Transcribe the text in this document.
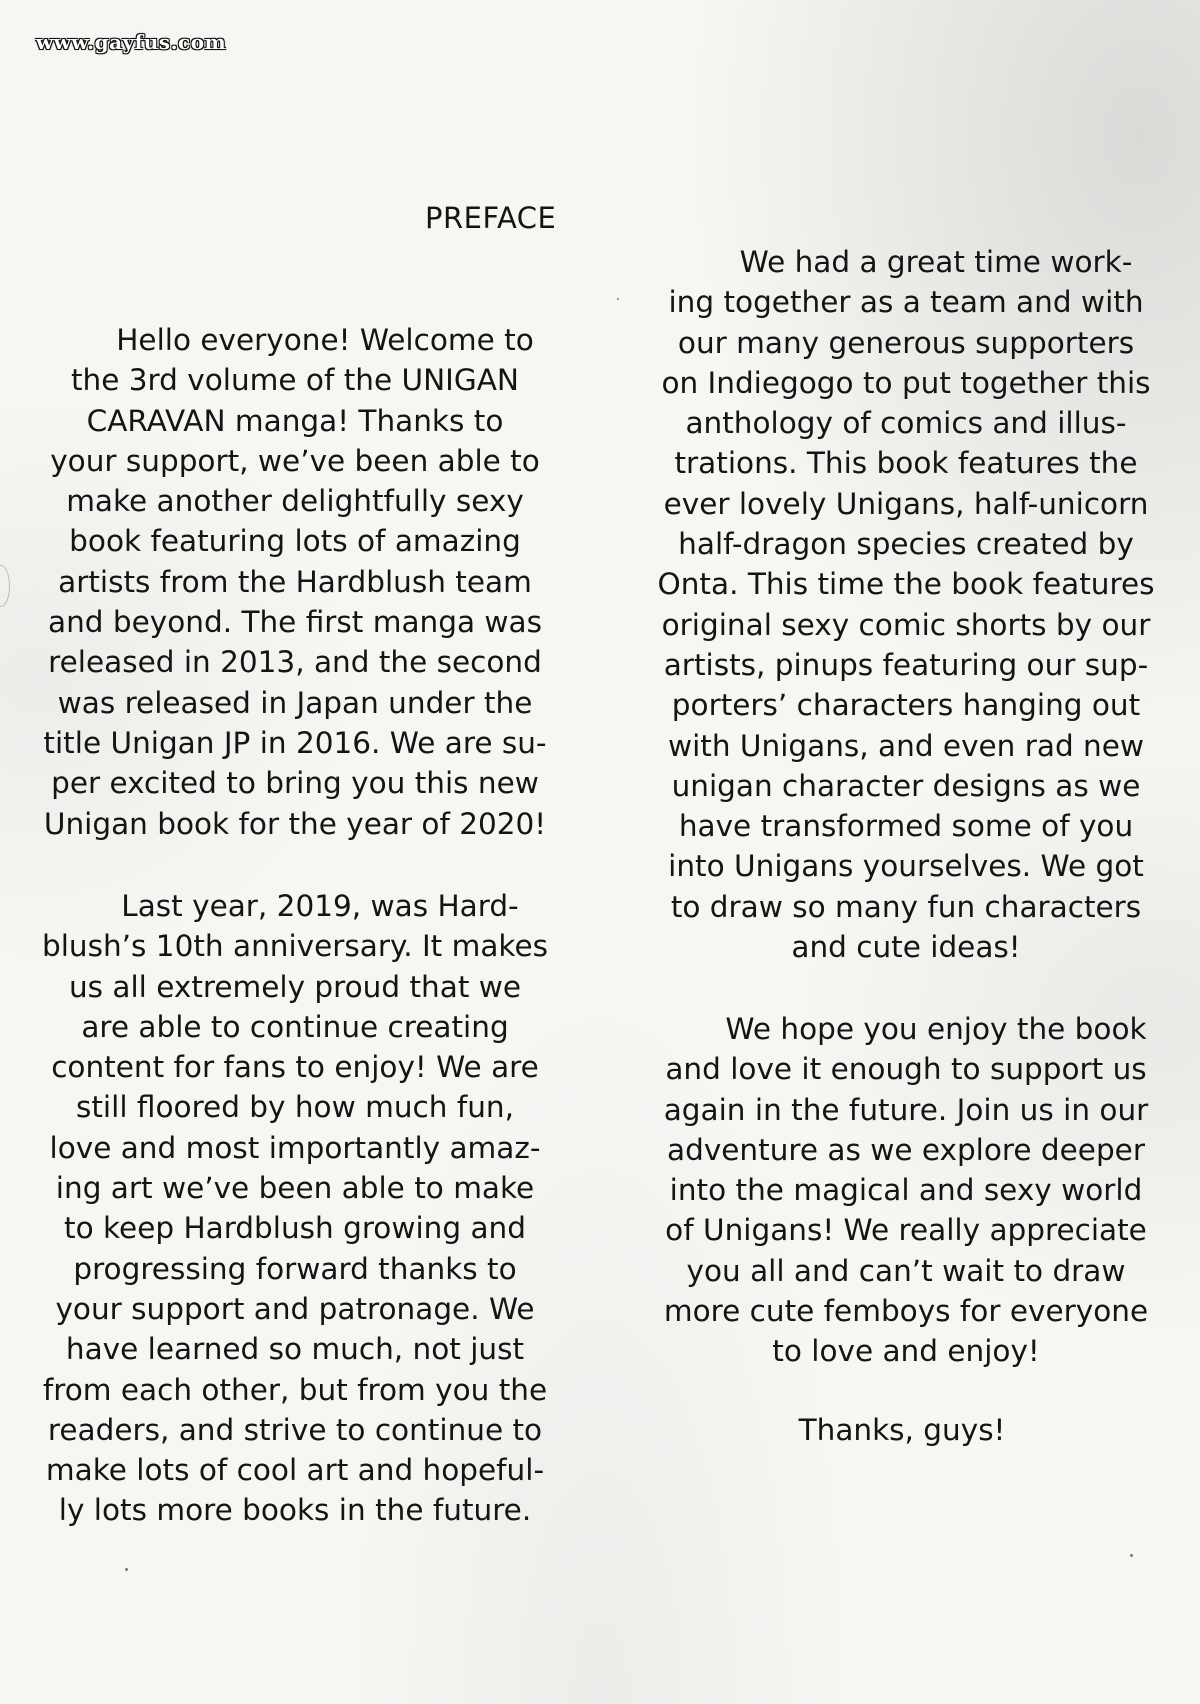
www.gayfus.com
PREFACE
Hello everyone! Welcome to
the 3rd volume of the UNIGAN
CARAVAN manga! Thanks to
your support, we’ve been able to
make another delightfully sexy
book featuring lots of amazing
artists from the Hardblush team
and beyond. The first manga was
released in 2013, and the second
was released in Japan under the
title Unigan JP in 2016. We are su-
per excited to bring you this new
Unigan book for the year of 2020!
Last year, 2019, was Hard-
blush’s 10th anniversary. It makes
us all extremely proud that we
are able to continue creating
content for fans to enjoy! We are
still floored by how much fun,
love and most importantly amaz-
ing art we’ve been able to make
to keep Hardblush growing and
progressing forward thanks to
your support and patronage. We
have learned so much, not just
from each other, but from you the
readers, and strive to continue to
make lots of cool art and hopeful-
ly lots more books in the future.
We had a great time work-
ing together as a team and with
our many generous supporters
on Indiegogo to put together this
anthology of comics and illus-
trations. This book features the
ever lovely Unigans, half-unicorn
half-dragon species created by
Onta. This time the book features
original sexy comic shorts by our
artists, pinups featuring our sup-
porters’ characters hanging out
with Unigans, and even rad new
unigan character designs as we
have transformed some of you
into Unigans yourselves. We got
to draw so many fun characters
and cute ideas!
We hope you enjoy the book
and love it enough to support us
again in the future. Join us in our
adventure as we explore deeper
into the magical and sexy world
of Unigans! We really appreciate
you all and can’t wait to draw
more cute femboys for everyone
to love and enjoy!
Thanks, guys!
